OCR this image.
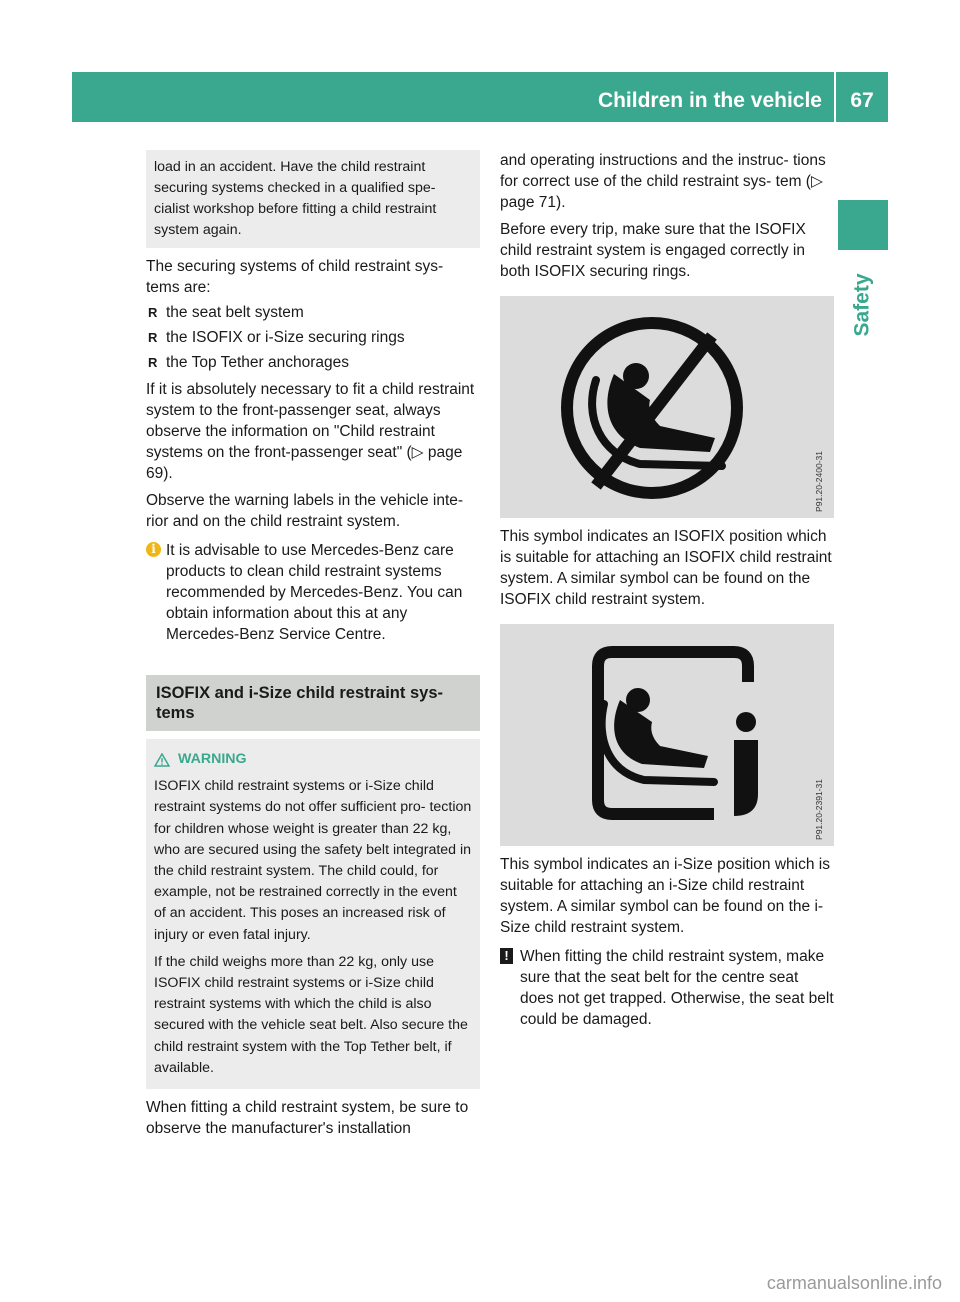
Children in the vehicle	67
Safety

load in an accident. Have the child restraint

securing systems checked in a qualified spe-

cialist workshop before fitting a child restraint

system again.

The securing systems of child restraint sys- tems are:

R the seat belt system
R the ISOFIX or i-Size securing rings
R the Top Tether anchorages

If it is absolutely necessary to fit a child restraint system to the front-passenger seat, always observe the information on "Child restraint systems on the front-passenger seat" (▷ page 69).

Observe the warning labels in the vehicle inte- rior and on the child restraint system.

i It is advisable to use Mercedes-Benz care products to clean child restraint systems recommended by Mercedes-Benz. You can obtain information about this at any Mercedes-Benz Service Centre.

ISOFIX and i-Size child restraint sys- tems
WARNING

ISOFIX child restraint systems or i-Size child restraint systems do not offer sufficient pro- tection for children whose weight is greater than 22 kg, who are secured using the safety belt integrated in the child restraint system. The child could, for example, not be restrained correctly in the event of an accident. This poses an increased risk of injury or even fatal injury.

If the child weighs more than 22 kg, only use ISOFIX child restraint systems or i-Size child restraint systems with which the child is also secured with the vehicle seat belt. Also secure the child restraint system with the Top Tether belt, if available.

When fitting a child restraint system, be sure to observe the manufacturer's installation

and operating instructions and the instruc- tions for correct use of the child restraint sys- tem (▷ page 71).

Before every trip, make sure that the ISOFIX child restraint system is engaged correctly in both ISOFIX securing rings.

P91.20-2400-31

This symbol indicates an ISOFIX position which is suitable for attaching an ISOFIX child restraint system. A similar symbol can be found on the ISOFIX child restraint system.

P91.20-2391-31

This symbol indicates an i-Size position which is suitable for attaching an i-Size child restraint system. A similar symbol can be found on the i-Size child restraint system.

! When fitting the child restraint system, make sure that the seat belt for the centre seat does not get trapped. Otherwise, the seat belt could be damaged.

carmanualsonline.info
